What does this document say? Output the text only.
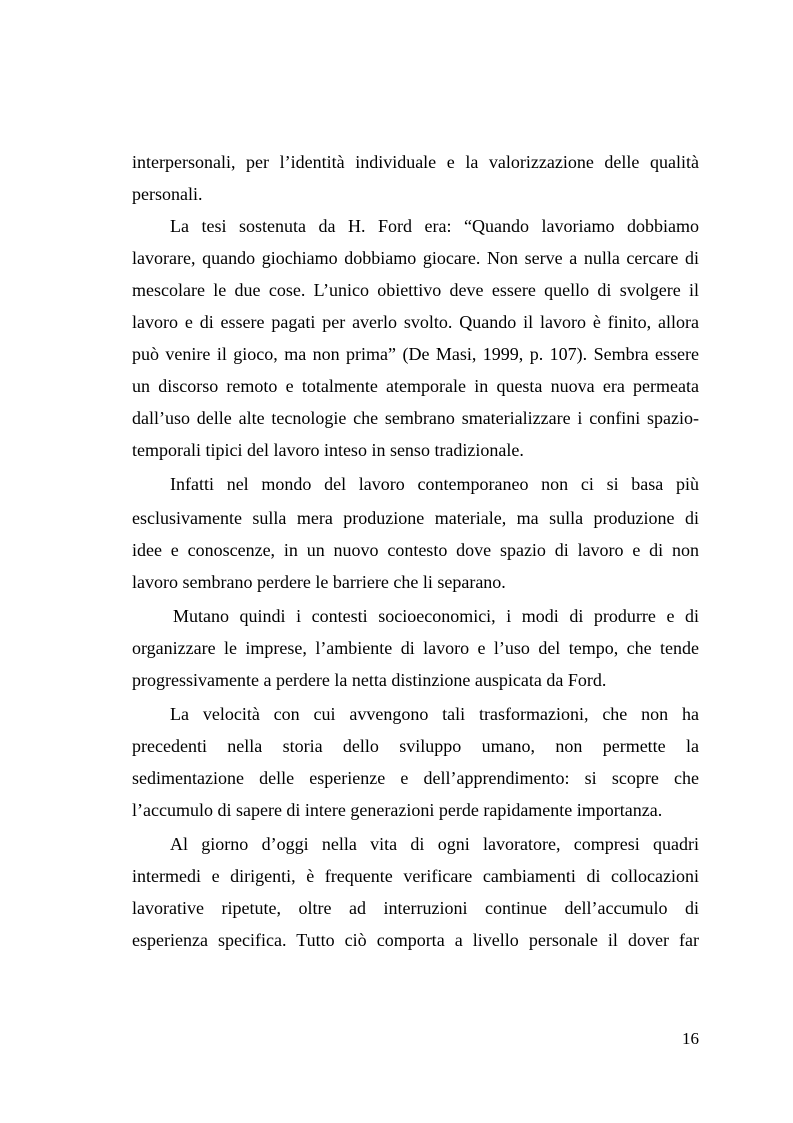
interpersonali, per l’identità individuale e la valorizzazione delle qualità
personali.
La tesi sostenuta da H. Ford era: “Quando lavoriamo dobbiamo
lavorare, quando giochiamo dobbiamo giocare. Non serve a nulla cercare di
mescolare le due cose. L’unico obiettivo deve essere quello di svolgere il
lavoro e di essere pagati per averlo svolto. Quando il lavoro è finito, allora
può venire il gioco, ma non prima” (De Masi, 1999, p. 107). Sembra essere
un discorso remoto e totalmente atemporale in questa nuova era permeata
dall’uso delle alte tecnologie che sembrano smaterializzare i confini spazio-
temporali tipici del lavoro inteso in senso tradizionale.
Infatti nel mondo del lavoro contemporaneo non ci si basa più
esclusivamente sulla mera produzione materiale, ma sulla produzione di
idee e conoscenze, in un nuovo contesto dove spazio di lavoro e di non
lavoro sembrano perdere le barriere che li separano.
Mutano quindi i contesti socioeconomici, i modi di produrre e di
organizzare le imprese, l’ambiente di lavoro e l’uso del tempo, che tende
progressivamente a perdere la netta distinzione auspicata da Ford.
La velocità con cui avvengono tali trasformazioni, che non ha
precedenti nella storia dello sviluppo umano, non permette la
sedimentazione delle esperienze e dell’apprendimento: si scopre che
l’accumulo di sapere di intere generazioni perde rapidamente importanza.
Al giorno d’oggi nella vita di ogni lavoratore, compresi quadri
intermedi e dirigenti, è frequente verificare cambiamenti di collocazioni
lavorative ripetute, oltre ad interruzioni continue dell’accumulo di
esperienza specifica. Tutto ciò comporta a livello personale il dover far
16
